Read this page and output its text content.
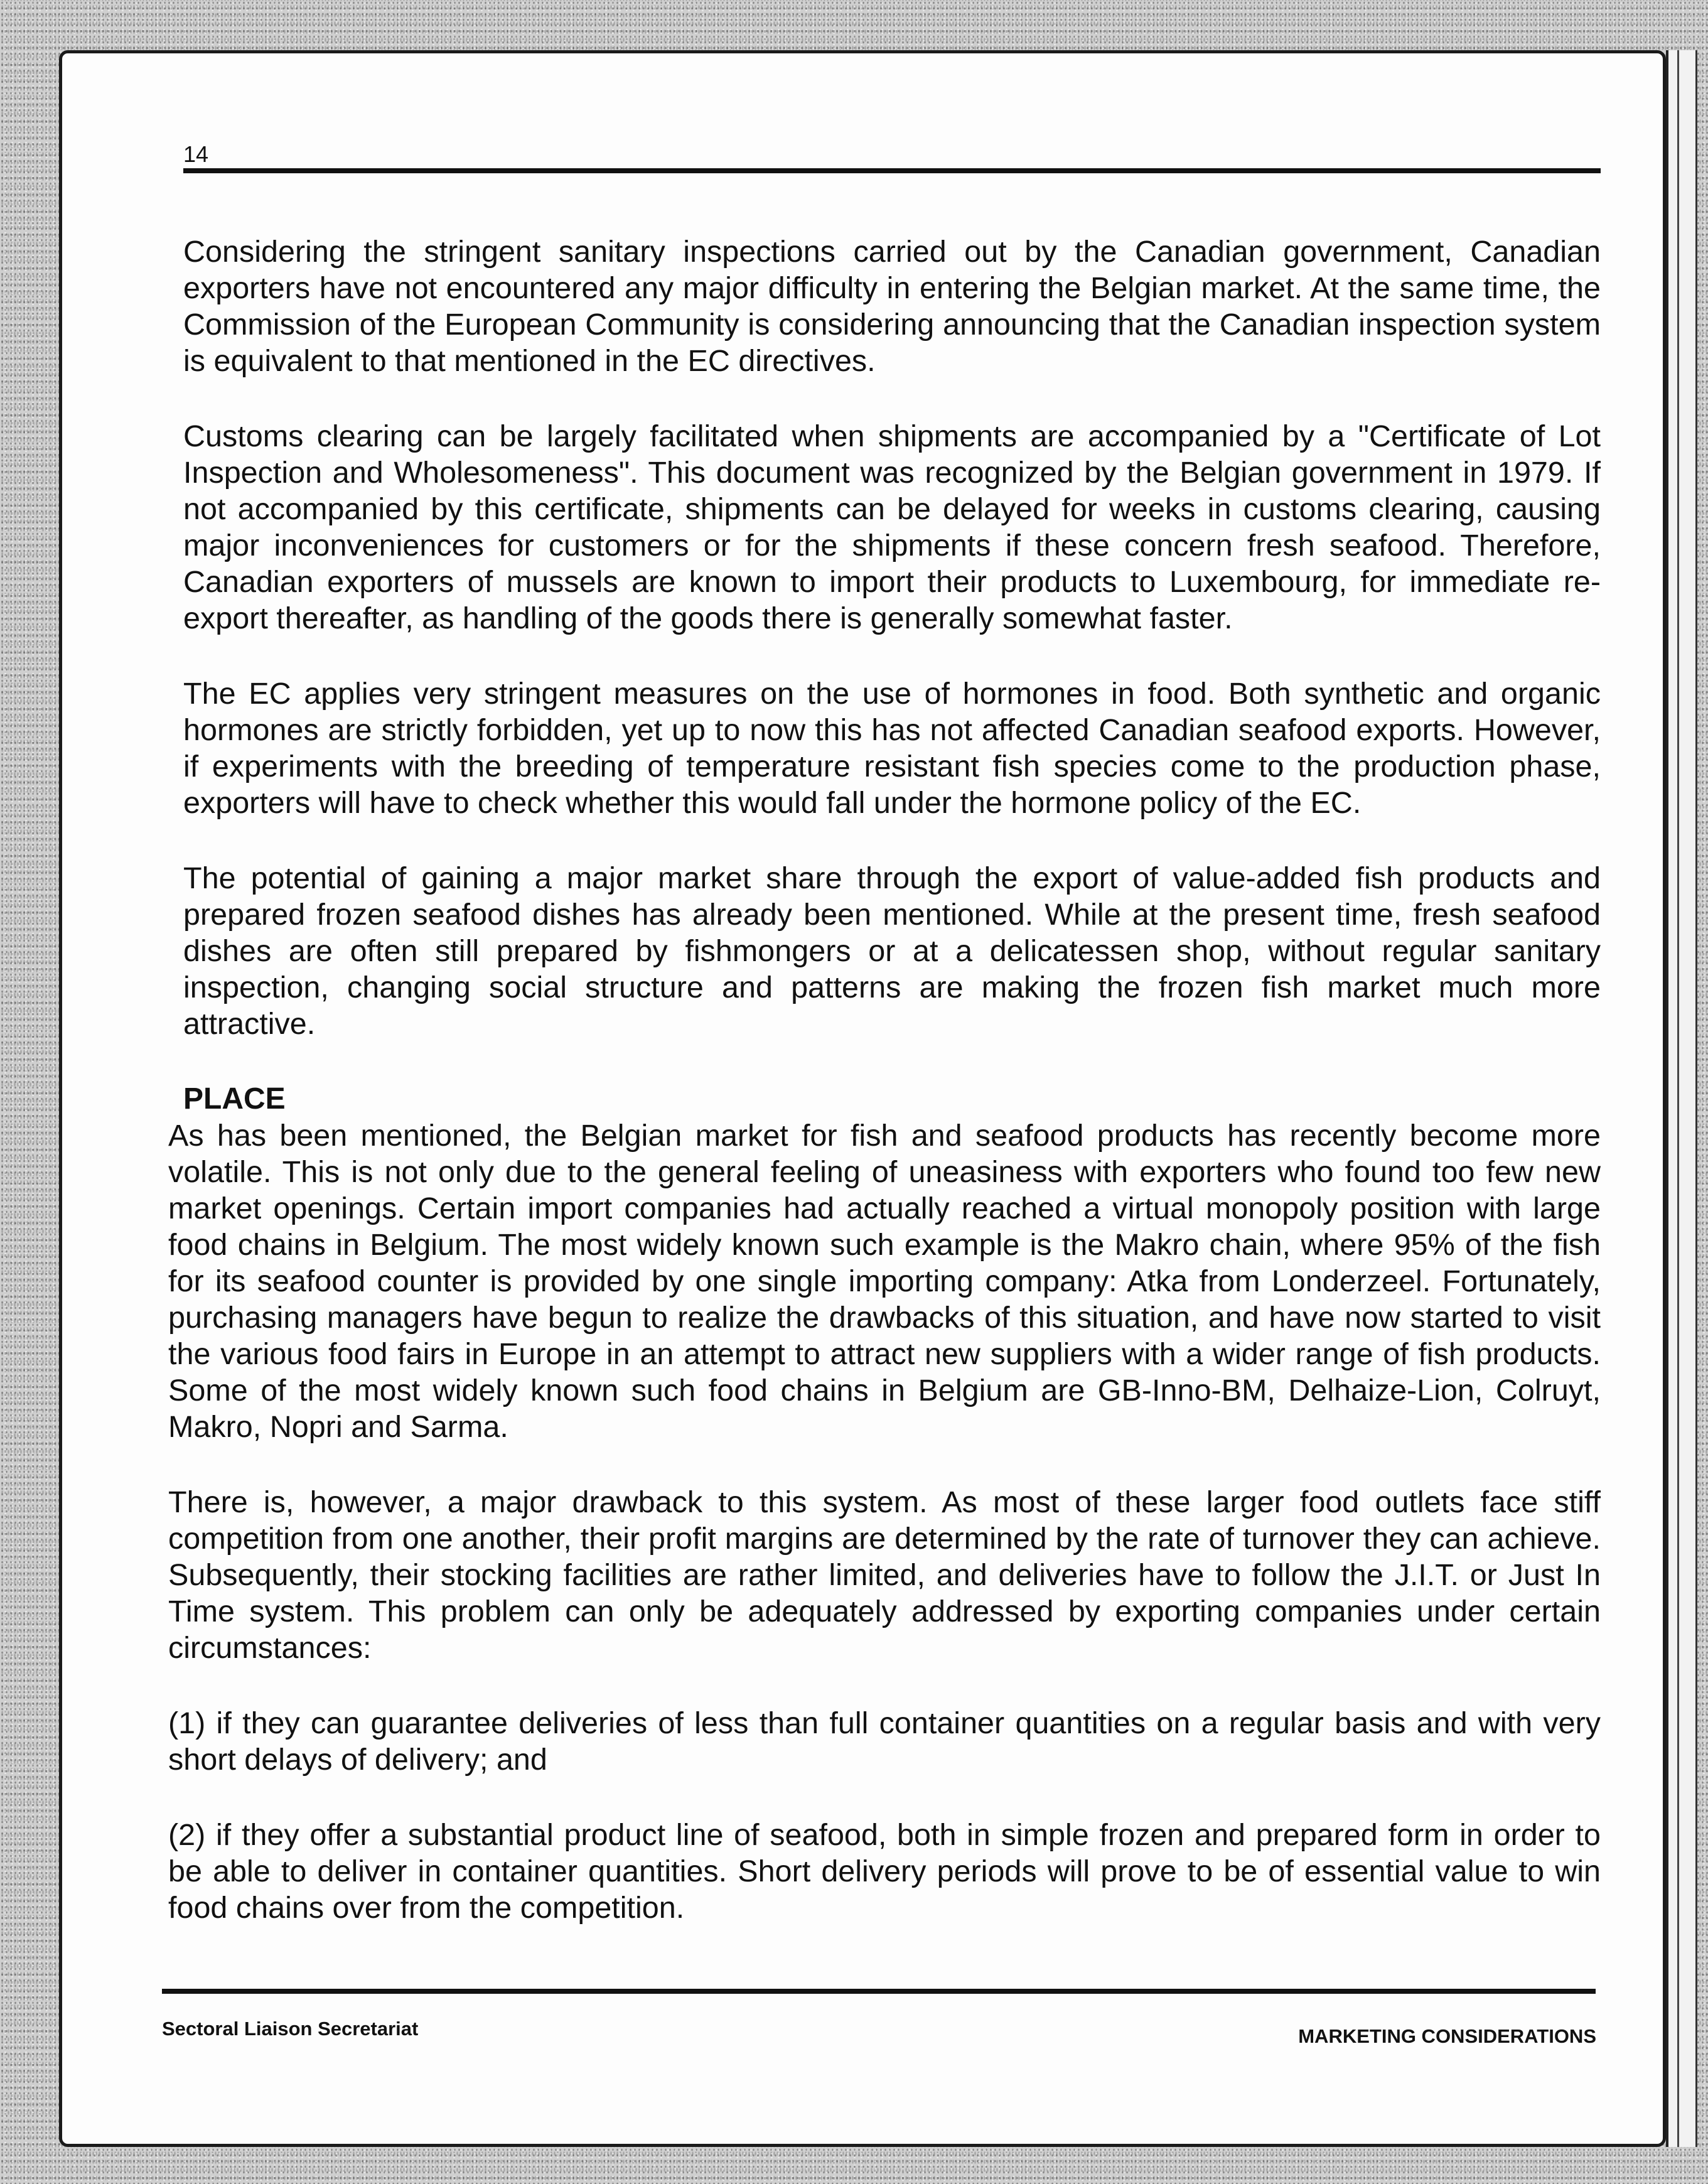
14

Considering the stringent sanitary inspections carried out by the Canadian government, Canadian exporters have not encountered any major difficulty in entering the Belgian market. At the same time, the Commission of the European Community is considering announcing that the Canadian inspection system is equivalent to that mentioned in the EC directives.

Customs clearing can be largely facilitated when shipments are accompanied by a "Certificate of Lot Inspection and Wholesomeness". This document was recognized by the Belgian government in 1979. If not accompanied by this certificate, shipments can be delayed for weeks in customs clearing, causing major inconveniences for customers or for the shipments if these concern fresh seafood. Therefore, Canadian exporters of mussels are known to import their products to Luxembourg, for immediate re-export thereafter, as handling of the goods there is generally somewhat faster.

The EC applies very stringent measures on the use of hormones in food. Both synthetic and organic hormones are strictly forbidden, yet up to now this has not affected Canadian seafood exports. However, if experiments with the breeding of temperature resistant fish species come to the production phase, exporters will have to check whether this would fall under the hormone policy of the EC.

The potential of gaining a major market share through the export of value-added fish products and prepared frozen seafood dishes has already been mentioned. While at the present time, fresh seafood dishes are often still prepared by fishmongers or at a delicatessen shop, without regular sanitary inspection, changing social structure and patterns are making the frozen fish market much more attractive.

PLACE

As has been mentioned, the Belgian market for fish and seafood products has recently become more volatile. This is not only due to the general feeling of uneasiness with exporters who found too few new market openings. Certain import companies had actually reached a virtual monopoly position with large food chains in Belgium. The most widely known such example is the Makro chain, where 95% of the fish for its seafood counter is provided by one single importing company: Atka from Londerzeel. Fortunately, purchasing managers have begun to realize the drawbacks of this situation, and have now started to visit the various food fairs in Europe in an attempt to attract new suppliers with a wider range of fish products. Some of the most widely known such food chains in Belgium are GB-Inno-BM, Delhaize-Lion, Colruyt, Makro, Nopri and Sarma.

There is, however, a major drawback to this system. As most of these larger food outlets face stiff competition from one another, their profit margins are determined by the rate of turnover they can achieve. Subsequently, their stocking facilities are rather limited, and deliveries have to follow the J.I.T. or Just In Time system. This problem can only be adequately addressed by exporting companies under certain circumstances:

(1) if they can guarantee deliveries of less than full container quantities on a regular basis and with very short delays of delivery; and

(2) if they offer a substantial product line of seafood, both in simple frozen and prepared form in order to be able to deliver in container quantities. Short delivery periods will prove to be of essential value to win food chains over from the competition.

Sectoral Liaison Secretariat	MARKETING CONSIDERATIONS
